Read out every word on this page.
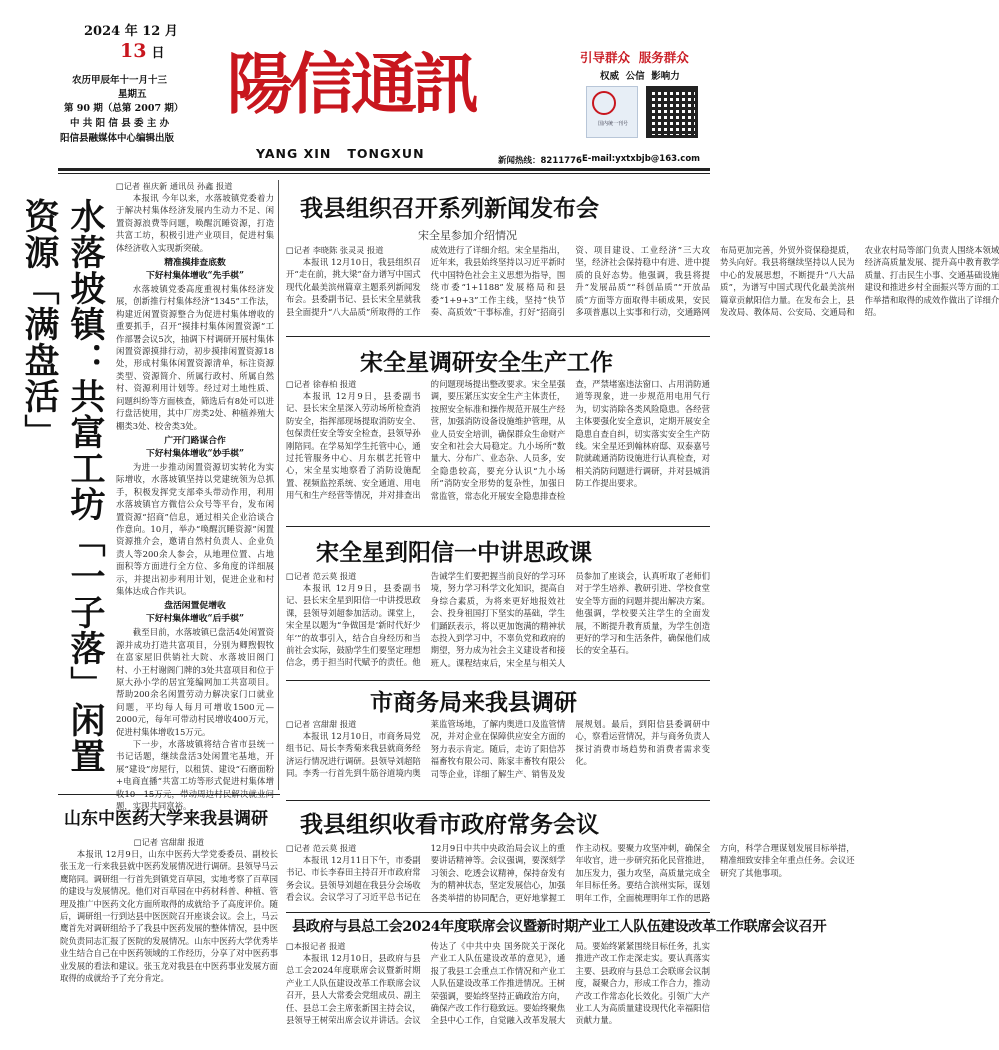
2024 年 12 月
13 日
农历甲辰年十一月十三
星期五
第 90 期（总第 2007 期）
中 共 阳 信 县 委 主 办
阳信县融媒体中心编辑出版
陽信通訊
YANG XIN   TONGXUN
引导群众  服务群众
权威  公信  影响力
国内统一刊号
新闻热线：8211776 E-mail:yxtxbjb@163.com
水落坡镇：共富工坊「一子落」闲置资源「满盘活」
□记者 崔庆新 通讯员 孙鑫 报道

本报讯 今年以来，水落坡镇党委着力于解决村集体经济发展内生动力不足、闲置资源浪费等问题，唤醒沉睡资源，打造共富工坊，积极引进产业项目，促进村集体经济收入实现新突破。

精准摸排查底数
下好村集体增收“先手棋”

水落坡镇党委高度重视村集体经济发展，创新推行村集体经济“1345”工作法，构建近闲置资源整合为促进村集体增收的重要抓手，召开“摸排村集体闲置资源”工作部署会议5次，抽调下村调研开展村集体闲置资源摸排行动，初步摸排闲置资源18处，形成村集体闲置资源清单，标注资源类型、资源简介、所属行政村、所属自然村、资源利用计划等。经过对土地性质、问题纠纷等方面核查，筛选后有8处可以进行盘活使用，其中厂房类2处、种植养殖大棚类3处、校舍类3处。

广开门路谋合作
下好村集体增收“妙手棋”

为进一步推动闲置资源切实转化为实际增收，水落坡镇坚持以党建统领为总抓手，积极发挥党支部牵头带动作用，利用水落坡镇官方微信公众号等平台，发布闲置资源“招商”信息，通过相关企业洽谈合作意向。10月，举办“唤醒沉睡资源”闲置资源推介会，邀请自然村负责人、企业负责人等200余人参会，从地理位置、占地面积等方面进行全方位、多角度的详细展示，并提出初步利用计划，促进企业和村集体达成合作共识。

盘活闲置促增收
下好村集体增收“后手棋”

截至目前，水落坡镇已盘活4处闲置资源并成功打造共富项目，分别为卿煦假牧在富家屋旧供销社大院、水落坡旧阁门村、小王村谢阁门牌的3处共富项目和位于原大孙小学的居宜笼编网加工共富项目。帮助200余名闲置劳动力解决家门口就业问题，平均每人每月可增收1500元—2000元，每年可带动村民增收400万元，促进村集体增收15万元。

下一步，水落坡镇将结合省市县统一书记话题，继续盘活3处闲置宅基地，开展“建设”房屋行，以租赁、建设“石磨面粉+电商直播”共富工坊等形式促进村集体增 题，实现共同富裕。

山东中医药大学来我县调研
□记者 宫甜甜 报道

本报讯 12月9日，山东中医药大学党委委员、副校长张玉龙一行来我县就中医药发展情况进行调研。县领导马云鹰陪同。调研组一行首先到镇党百草园，实地考察了百草园的建设与发展情况。他们对百草园在中药材科普、种植、管理及推广中医药文化方面所取得的成就给予了高度评价。随后，调研组一行到达县中医医院召开座谈会议。会上，马云鹰首先对调研组给予了我县中医药发展的整体情况，县中医院负责同志汇报了医院的发展情况。山东中医药大学优秀毕业生结合自己在中医药领域的工作经历，分享了对中医药事业发展的看法和建议。张玉龙对我县在中医药事业发展方面取得的成就给予了充分肯定。

我县组织召开系列新闻发布会
宋全星参加介绍情况
□记者 李晓陈 张灵灵 报道

本报讯 12月10日，我县组织召开“走在前，挑大梁”奋力谱写中国式现代化最美滨州篇章主题系列新闻发布会。县委副书记、县长宋全星就我县全面提升“八大品质”所取得的工作成效进行了详细介绍。宋全星指出，近年来，我县始终坚持以习近平新时代中国特色社会主义思想为指导，围绕市委“1+1188”发展格局和县委“1+9+3”工作主线，坚持“快节奏、高质效”干事标准，打好“招商引资、项目建设、工业经济”三大攻坚，经济社会保持稳中有进、进中提质的良好态势。他强调，我县将提升“发展品质”“科创品质”“开放品质”方面等方面取得丰硕成果，安民多项普惠以上实事和行动，交通路网布局更加完善，外贸外资保稳提质，势头向好。我县将继续坚持以人民为中心的发展思想，不断提升“八大品质”，为谱写中国式现代化最美滨州篇章贡献阳信力量。在发布会上，县发改局、教体局、公安局、交通局和农业农村局等部门负责人围绕本领域经济高质量发展、提升高中教育教学质量、打击民生小事、交通基础设施建设和推进乡村全面振兴等方面的工作举措和取得的成效作做出了详细介绍。

宋全星调研安全生产工作
□记者 徐春柏 报道

本报讯 12月9日，县委副书记、县长宋全星深入劳动场所检查消防安全，指挥部现场提取消防安全、包保责任安全等安全检查，县领导孙刚陪同。在学易知学生托管中心，通过托管服务中心、月东棋艺托管中心，宋全星实地察看了消防设施配置、视频监控系统、安全通道、用电用气和生产经营等情况，并对排查出的问题现场提出整改要求。宋全星强调，要压紧压实安全生产主体责任，按照安全标准和操作规范开展生产经营，加强消防设备设施维护管理，从业人员安全培训，确保群众生命财产安全和社会大局稳定。九小场所“数量大、分布广、业态杂、人员多，安全隐患较高，要充分认识“九小场所”消防安全形势的复杂性，加强日常监管，常态化开展安全隐患排查检查，严禁堵塞违法窗口、占用消防通道等现象，进一步规范用电用气行为，切实消除各类风险隐患。各经营主体要强化安全意识，定期开展安全隐患自查自纠，切实落实安全生产防线。宋全星还到翰林府邸、双泰嘉号院就疏通消防设施进行认真检查，对相关消防问题进行调研，并对县城消防工作提出要求。

宋全星到阳信一中讲思政课
□记者 范云莫 报道

本报讯 12月9日，县委副书记、县长宋全星到阳信一中讲授思政课，县领导刘超参加活动。课堂上，宋全星以题为“争做国是‘新时代好少年’”的故事引入，结合自身经历和当前社会实际，鼓励学生们要坚定理想信念，勇于担当时代赋予的责任。他告诫学生们要把握当前良好的学习环境，努力学习科学文化知识，提高自身综合素质，为将来更好地报效社会、投身祖国打下坚实的基础，学生们踊跃表示，将以更加饱满的精神状态投入到学习中，不辜负党和政府的期望，努力成为社会主义建设者和接班人。课程结束后，宋全星与相关人员参加了座谈会，认真听取了老师们对于学生培养、教研引进、学校食堂安全等方面的问题并提出解决方案。他强调，学校要关注学生的全面发展，不断提升教育质量，为学生创造更好的学习和生活条件，确保他们成长的安全基石。

市商务局来我县调研
□记者 宫甜甜 报道

本报讯 12月10日，市商务局党组书记、局长李秀菊来我县就商务经济运行情况进行调研。县领导刘超陪同。李秀一行首先到牛筋谷道境内奥莱监管场地，了解内奥进口及监管情况，并对企业在保障供应安全方面的努力表示肯定。随后，走访了阳信苏福畜牧有限公司、陈家丰畜牧有限公司等企业，详细了解生产、销售及发展规划。最后，到阳信县委调研中心，察看运营情况，并与商务负责人探讨消费市场趋势和消费者需求变化。

我县组织收看市政府常务会议
□记者 范云莫 报道

本报讯 12月11日下午，市委副书记、市长李春田主持召开市政府常务会议。县领导刘超在我县分会场收看会议。会议学习了习近平总书记在12月9日中共中央政治局会议上的重要讲话精神等。会议强调，要深刻学习领会、吃透会议精神，保持奋发有为的精神状态，坚定发展信心，加强各类举措的协同配合，更好地掌握工作主动权。要聚力攻坚冲刺，确保全年收官，进一步研究拓化民营推进，加压发力，强力攻坚，高质量完成全年目标任务。要结合滨州实际，谋划明年工作，全面梳理明年工作的思路方向，科学合理谋划发展目标举措，精准细致安排全年重点任务。会议还研究了其他事项。

县政府与县总工会2024年度联席会议暨新时期产业工人队伍建设改革工作联席会议召开
□本报记者 报道

本报讯 12月10日，县政府与县总工会2024年度联席会议暨新时期产业工人队伍建设改革工作联席会议召开，县人大常委会党组成员、副主任、县总工会主席张新国主持会议，县领导王树荣出席会议并讲话。会议传达了《中共中央 国务院关于深化产业工人队伍建设改革的意见》，通报了我县工会重点工作情况和产业工人队伍建设改革工作推进情况。王树荣强调，要始终坚持正确政治方向，确保产改工作行稳致远。要始终聚焦全县中心工作，自觉融入改革发展大局。要始终紧紧围绕目标任务，扎实推进产改工作走深走实。要认真落实主要、县政府与县总工会联席会议制度，凝聚合力，形成工作合力，推动产改工作常态化长效化。引领广大产业工人为高质量建设现代化幸福阳信贡献力量。
